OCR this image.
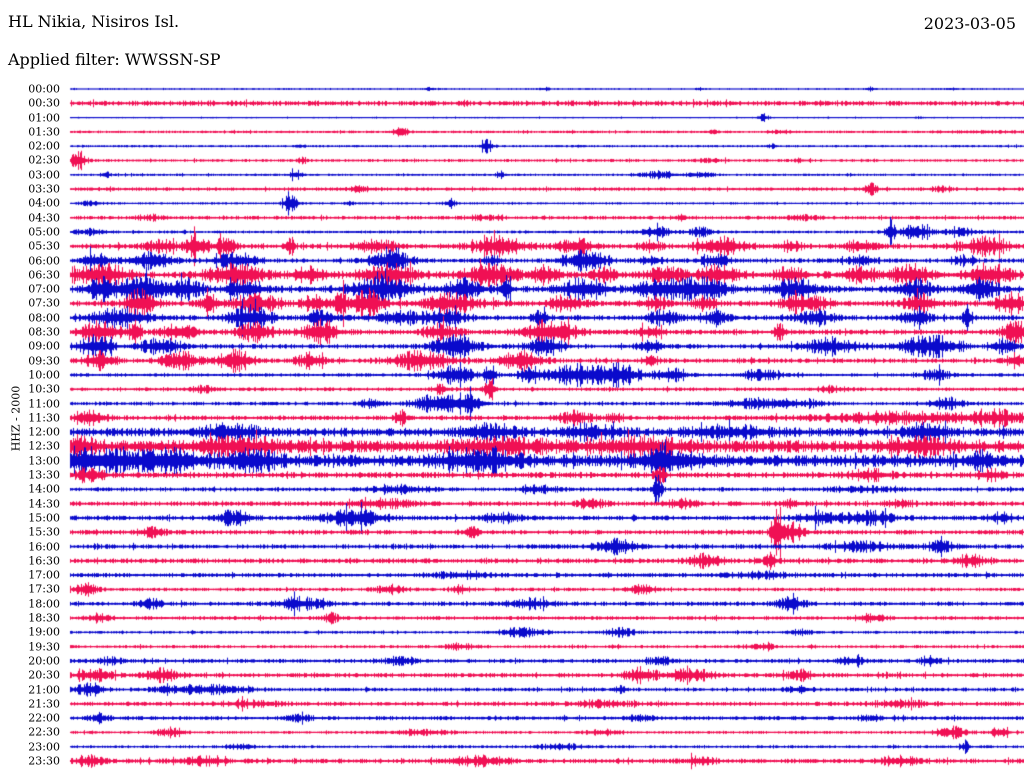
HL Nikia, Nisiros Isl.	2023-03-05
Applied filter: WWSSN-SP
HHZ - 2000
00:00
00:30
01:00
01:30
02:00
02:30
03:00
03:30
04:00
04:30
05:00
05:30
06:00
06:30
07:00
07:30
08:00
08:30
09:00
09:30
10:00
10:30
11:00
11:30
12:00
12:30
13:00
13:30
14:00
14:30
15:00
15:30
16:00
16:30
17:00
17:30
18:00
18:30
19:00
19:30
20:00
20:30
21:00
21:30
22:00
22:30
23:00
23:30
